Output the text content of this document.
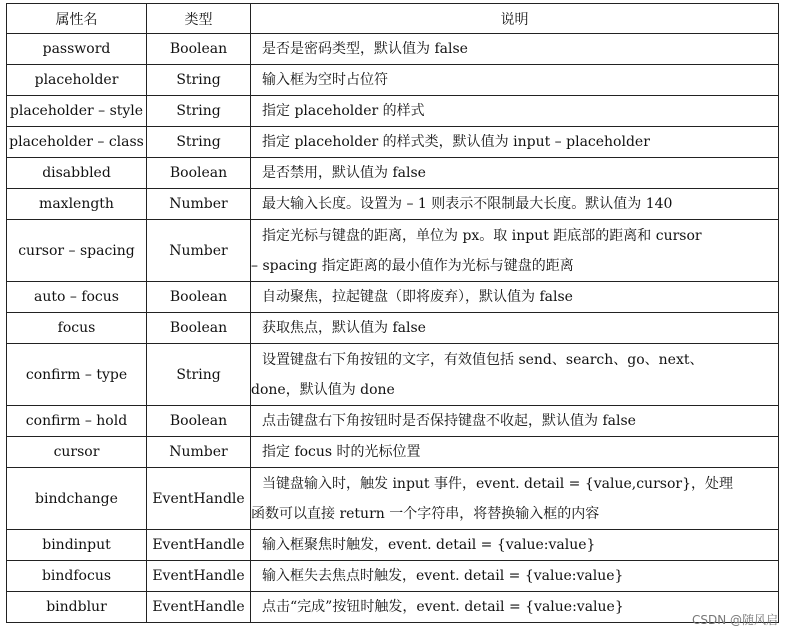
属性名	类型	说明
password	Boolean	是否是密码类型，默认值为 false

placeholder	String	输入框为空时占位符

placeholder – style	String	指定 placeholder 的样式

placeholder – class	String	指定 placeholder 的样式类，默认值为 input – placeholder

disabbled	Boolean	是否禁用，默认值为 false

maxlength	Number	最大输入长度。设置为 – 1 则表示不限制最大长度。默认值为 140

cursor – spacing	Number	指定光标与键盘的距离，单位为 px。取 input 距底部的距离和 cursor
– spacing 指定距离的最小值作为光标与键盘的距离

auto – focus	Boolean	自动聚焦，拉起键盘（即将废弃），默认值为 false

focus	Boolean	获取焦点，默认值为 false

confirm – type	String	设置键盘右下角按钮的文字，有效值包括 send、search、go、next、
done，默认值为 done

confirm – hold	Boolean	点击键盘右下角按钮时是否保持键盘不收起，默认值为 false

cursor	Number	指定 focus 时的光标位置

bindchange	EventHandle	当键盘输入时，触发 input 事件，event. detail = {value,cursor}，处理
函数可以直接 return 一个字符串，将替换输入框的内容

bindinput	EventHandle	输入框聚焦时触发，event. detail = {value:value}

bindfocus	EventHandle	输入框失去焦点时触发，event. detail = {value:value}

bindblur	EventHandle	点击“完成”按钮时触发，event. detail = {value:value}
CSDN @随风启
